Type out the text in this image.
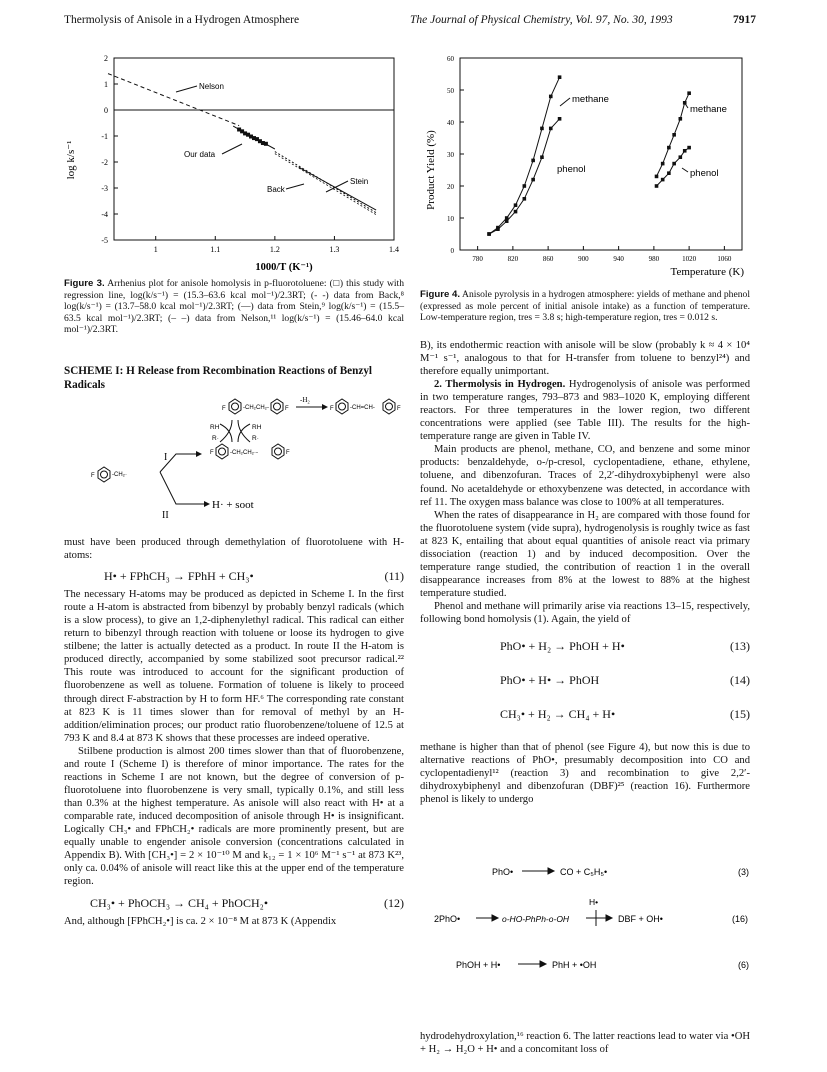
Thermolysis of Anisole in a Hydrogen Atmosphere	The Journal of Physical Chemistry, Vol. 97, No. 30, 1993	7917
1	1.1	1.2	1.3	1.4
2
1
0
-1
-2
-3
-4
-5
log k/s⁻¹
1000/T (K⁻¹)
Nelson
Our data
Stein
Back
Figure 3. Arrhenius plot for anisole homolysis in p-fluorotoluene: (□) this study with regression line, log(k/s⁻¹) = (15.3–63.6 kcal mol⁻¹)/2.3RT; (- -) data from Back,⁸ log(k/s⁻¹) = (13.7–58.0 kcal mol⁻¹)/2.3RT; (—) data from Stein,⁹ log(k/s⁻¹) = (15.5–63.5 kcal mol⁻¹)/2.3RT; (– –) data from Nelson,¹¹ log(k/s⁻¹) = (15.46–64.0 kcal mol⁻¹)/2.3RT.
SCHEME I: H Release from Recombination Reactions of Benzyl Radicals
F	-CH₂CH₂-	F	F	-CH=CH-	F
-H₂
RH
R·
RH
R·
F	-CH₂·
F	-CH₂CH₂·-	F
I
II
H· + soot

must have been produced through demethylation of fluorotoluene with H-atoms:

H• + FPhCH₃ → FPhH + CH₃•	(11)

The necessary H-atoms may be produced as depicted in Scheme I. In the first route a H-atom is abstracted from bibenzyl by probably benzyl radicals (which is a slow process), to give an 1,2-diphenylethyl radical. This radical can either return to bibenzyl through reaction with toluene or loose its hydrogen to give stilbene; the latter is actually detected as a product. In route II the H-atom is produced directly, accompanied by some stabilized soot precursor radical.²² This route was introduced to account for the significant production of fluorobenzene as well as toluene. Formation of toluene is likely to proceed through direct F-abstraction by H to form HF.⁶ The corresponding rate constant at 823 K is 11 times slower than for removal of methyl by an H-addition/elimination proces; our product ratio fluorobenzene/toluene of 12.5 at 793 K and 8.4 at 873 K shows that these processes are indeed operative.

Stilbene production is almost 200 times slower than that of fluorobenzene, and route I (Scheme I) is therefore of minor importance. The rates for the reactions in Scheme I are not known, but the degree of conversion of p-fluorotoluene into fluorobenzene is very small, typically 0.1%, and still less than 0.3% at the highest temperature. As anisole will also react with H• at a comparable rate, induced decomposition of anisole through H• is insignificant. Logically CH₃• and FPhCH₂• radicals are more prominently present, but are equally unable to engender anisole conversion (concentrations calculated in Appendix B). With [CH₃•] = 2 × 10⁻¹⁰ M and k₁₂ = 1 × 10⁶ M⁻¹ s⁻¹ at 873 K²³, only ca. 0.04% of anisole will react like this at the upper end of the temperature region.

CH₃• + PhOCH₃ → CH₄ + PhOCH₂•	(12)

And, although [FPhCH₂•] is ca. 2 × 10⁻⁸ M at 873 K (Appendix

780	820	860	900	940	980	1020	1060
0
10
20
30
40
50
60
Product Yield (%)
Temperature (K)
methane
phenol
methane
phenol
Figure 4. Anisole pyrolysis in a hydrogen atmosphere: yields of methane and phenol (expressed as mole percent of initial anisole intake) as a function of temperature. Low-temperature region, tres = 3.8 s; high-temperature region, tres = 0.012 s.

B), its endothermic reaction with anisole will be slow (probably k ≈ 4 × 10⁴ M⁻¹ s⁻¹, analogous to that for H-transfer from toluene to benzyl²⁴) and therefore equally unimportant.

2. Thermolysis in Hydrogen. Hydrogenolysis of anisole was performed in two temperature ranges, 793–873 and 983–1020 K, employing different reactors. For three temperatures in the lower region, two different concentrations were applied (see Table III). The results for the high-temperature range are given in Table IV.

Main products are phenol, methane, CO, and benzene and some minor products: benzaldehyde, o-/p-cresol, cyclopentadiene, ethane, ethylene, toluene, and dibenzofuran. Traces of 2,2′-dihydroxybiphenyl were also found. No acetaldehyde or ethoxybenzene was detected, in accordance with ref 11. The oxygen mass balance was close to 100% at all temperatures.

When the rates of disappearance in H₂ are compared with those found for the fluorotoluene system (vide supra), hydrogenolysis is roughly twice as fast at 823 K, entailing that about equal quantities of anisole react via primary dissociation (reaction 1) and by induced decomposition. Over the temperature range studied, the contribution of reaction 1 in the overall disappearance increases from 8% at the lowest to 88% at the highest temperature studied.

Phenol and methane will primarily arise via reactions 13–15, respectively, following bond homolysis (1). Again, the yield of

PhO• + H₂ → PhOH + H•	(13)
PhO• + H• → PhOH	(14)
CH₃• + H₂ → CH₄ + H•	(15)

methane is higher than that of phenol (see Figure 4), but now this is due to alternative reactions of PhO•, presumably decomposition into CO and cyclopentadienyl¹² (reaction 3) and recombination to give 2,2′-dihydroxybiphenyl and dibenzofuran (DBF)²⁵ (reaction 16). Furthermore phenol is likely to undergo

PhO•	CO + C₅H₅•	(3)
2PhO•	o-HO-PhPh-o-OH
H•
DBF + OH•	(16)
PhOH + H•	PhH + •OH	(6)
hydrodehydroxylation,¹⁶ reaction 6. The latter reactions lead to water via •OH + H₂ → H₂O + H• and a concomitant loss of
